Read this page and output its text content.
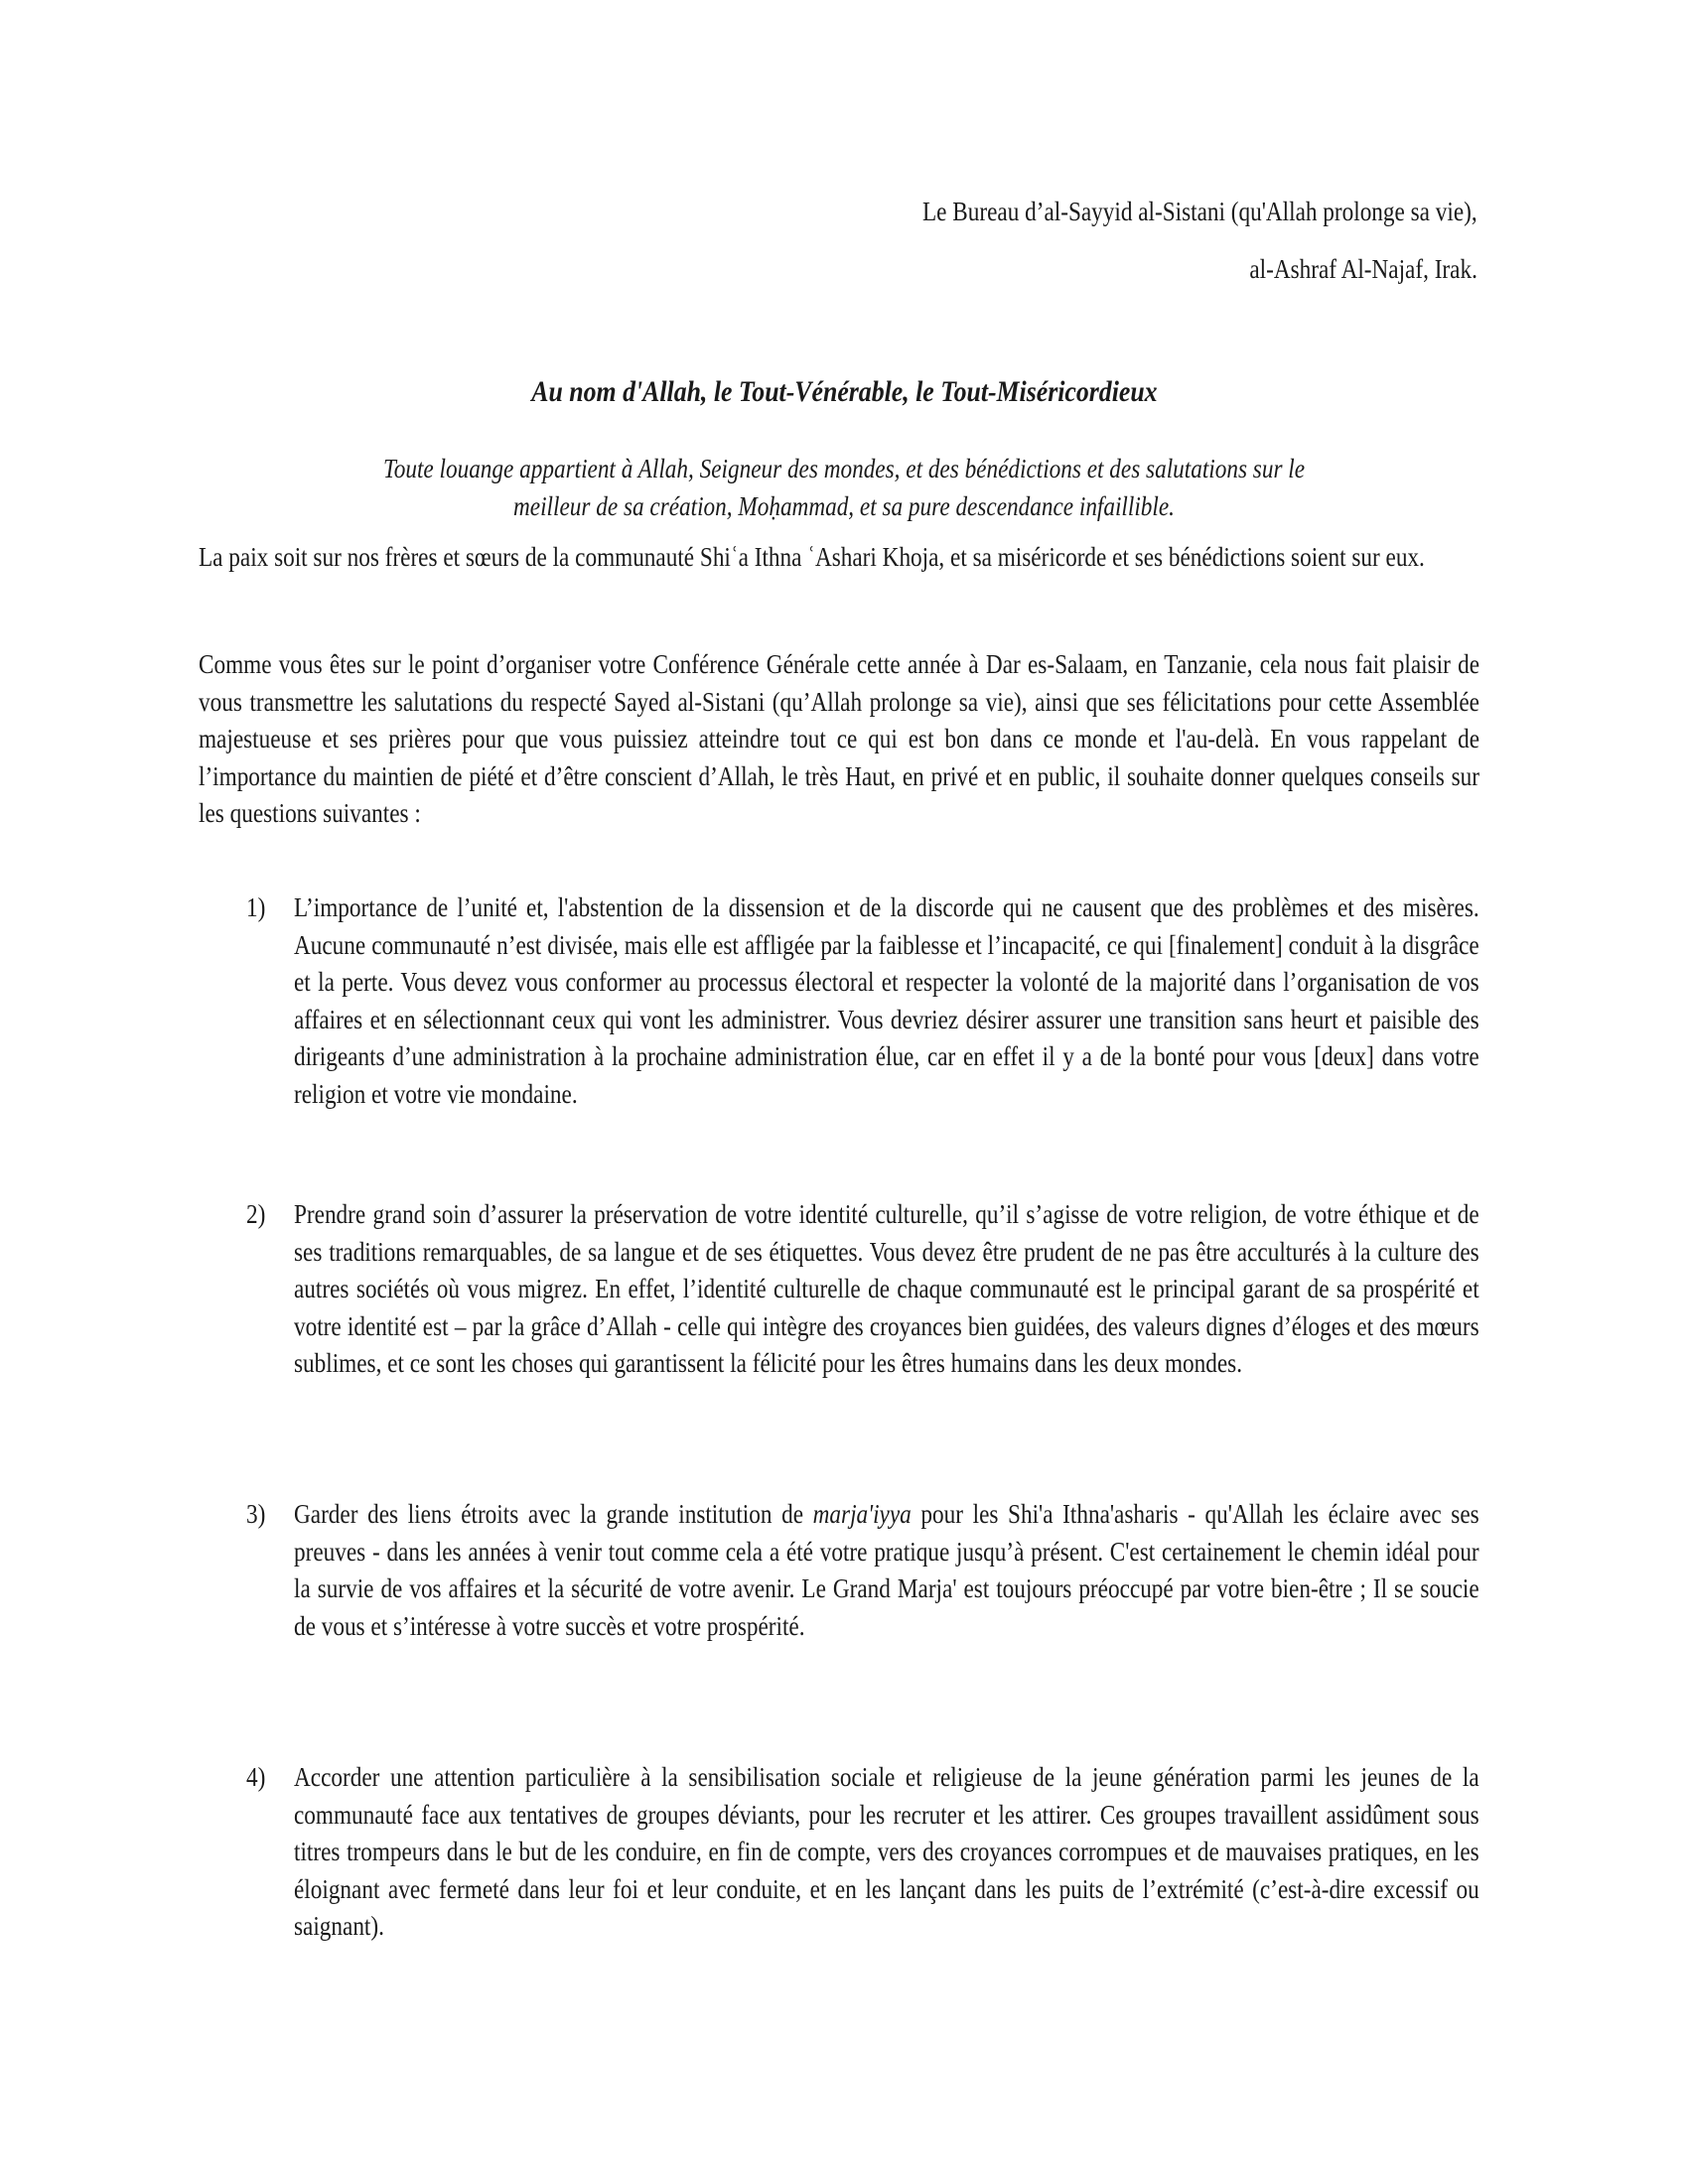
Le Bureau d’al-Sayyid al-Sistani (qu'Allah prolonge sa vie),
al-Ashraf Al-Najaf, Irak.
Au nom d'Allah, le Tout-Vénérable, le Tout-Miséricordieux
Toute louange appartient à Allah, Seigneur des mondes, et des bénédictions et des salutations sur le meilleur de sa création, Moḥammad, et sa pure descendance infaillible.
La paix soit sur nos frères et sœurs de la communauté Shiʿa Ithna ʿAshari Khoja, et sa miséricorde et ses bénédictions soient sur eux.
Comme vous êtes sur le point d’organiser votre Conférence Générale cette année à Dar es-Salaam, en Tanzanie, cela nous fait plaisir de vous transmettre les salutations du respecté Sayed al-Sistani (qu’Allah prolonge sa vie), ainsi que ses félicitations pour cette Assemblée majestueuse et ses prières pour que vous puissiez atteindre tout ce qui est bon dans ce monde et l'au-delà. En vous rappelant de l’importance du maintien de piété et d’être conscient d’Allah, le très Haut, en privé et en public, il souhaite donner quelques conseils sur les questions suivantes :
1) L’importance de l’unité et, l'abstention de la dissension et de la discorde qui ne causent que des problèmes et des misères. Aucune communauté n’est divisée, mais elle est affligée par la faiblesse et l’incapacité, ce qui [finalement] conduit à la disgrâce et la perte. Vous devez vous conformer au processus électoral et respecter la volonté de la majorité dans l’organisation de vos affaires et en sélectionnant ceux qui vont les administrer. Vous devriez désirer assurer une transition sans heurt et paisible des dirigeants d’une administration à la prochaine administration élue, car en effet il y a de la bonté pour vous [deux] dans votre religion et votre vie mondaine.
2) Prendre grand soin d’assurer la préservation de votre identité culturelle, qu’il s’agisse de votre religion, de votre éthique et de ses traditions remarquables, de sa langue et de ses étiquettes. Vous devez être prudent de ne pas être acculturés à la culture des autres sociétés où vous migrez. En effet, l’identité culturelle de chaque communauté est le principal garant de sa prospérité et votre identité est – par la grâce d’Allah - celle qui intègre des croyances bien guidées, des valeurs dignes d’éloges et des mœurs sublimes, et ce sont les choses qui garantissent la félicité pour les êtres humains dans les deux mondes.
3) Garder des liens étroits avec la grande institution de marja'iyya pour les Shi'a Ithna'asharis - qu'Allah les éclaire avec ses preuves - dans les années à venir tout comme cela a été votre pratique jusqu’à présent. C'est certainement le chemin idéal pour la survie de vos affaires et la sécurité de votre avenir. Le Grand Marja' est toujours préoccupé par votre bien-être ; Il se soucie de vous et s’intéresse à votre succès et votre prospérité.
4) Accorder une attention particulière à la sensibilisation sociale et religieuse de la jeune génération parmi les jeunes de la communauté face aux tentatives de groupes déviants, pour les recruter et les attirer. Ces groupes travaillent assidûment sous titres trompeurs dans le but de les conduire, en fin de compte, vers des croyances corrompues et de mauvaises pratiques, en les éloignant avec fermeté dans leur foi et leur conduite, et en les lançant dans les puits de l’extrémité (c’est-à-dire excessif ou saignant).
